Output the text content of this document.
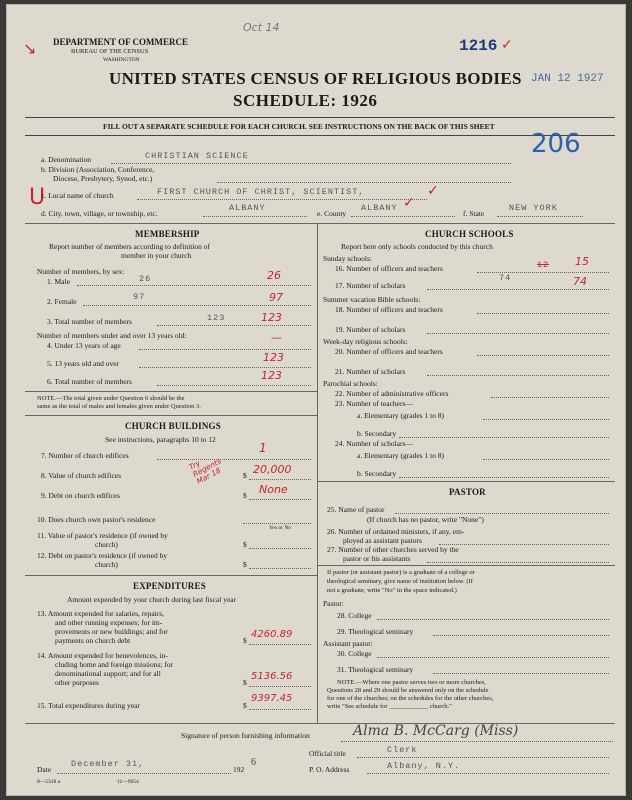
Oct 14
↘ DEPARTMENT OF COMMERCE
BUREAU OF THE CENSUS
WASHINGTON
1216 ✓
JAN 12 1927
UNITED STATES CENSUS OF RELIGIOUS BODIES
SCHEDULE: 1926
FILL OUT A SEPARATE SCHEDULE FOR EACH CHURCH. SEE INSTRUCTIONS ON THE BACK OF THIS SHEET
206
a. Denomination	CHRISTIAN SCIENCE
b. Division (Association, Conference,
Diocese, Presbytery, Synod, etc.)
U
c. Local name of church	FIRST CHURCH OF CHRIST, SCIENTIST,	✓
d. City, town, village, or township, etc.
ALBANY
e. County
ALBANY ✓
f. State
NEW YORK
MEMBERSHIP
Report number of members according to definition of
member in your church
Number of members, by sex:
1. Male	26	26
2. Female	97	97
3. Total number of members	123	123
Number of members under and over 13 years old:
4. Under 13 years of age
—
5. 13 years old and over	123
6. Total number of members	123
NOTE.—The total given under Question 6 should be the
same as the total of males and females given under Question 3.
CHURCH BUILDINGS
See instructions, paragraphs 10 to 12
7. Number of church edifices
1
8. Value of church edifices	$ 20,000
Try Regents Mar 18
9. Debt on church edifices	$ None
10. Does church own pastor's residence
Yes or No
11. Value of pastor's residence (if owned by
church)	$
12. Debt on pastor's residence (if owned by
church)	$
EXPENDITURES
Amount expended by your church during last fiscal year
13. Amount expended for salaries, repairs,
and other running expenses; for im-
provements or new buildings; and for
payments on church debt	$
4260.89
14. Amount expended for benevolences, in-
cluding home and foreign missions; for
denominational support; and for all
other purposes	$
5136.56
15. Total expenditures during year	$
9397.45
CHURCH SCHOOLS
Report here only schools conducted by this church
Sunday schools:
16. Number of officers and teachers	12 15
17. Number of scholars
74	74
Summer vacation Bible schools:
18. Number of officers and teachers
19. Number of scholars
Week-day religious schools:
20. Number of officers and teachers
21. Number of scholars
Parochial schools:
22. Number of administrative officers
23. Number of teachers—
a. Elementary (grades 1 to 8)
b. Secondary
24. Number of scholars—
a. Elementary (grades 1 to 8)
b. Secondary
PASTOR
25. Name of pastor
(If church has no pastor, write "None")
26. Number of ordained ministers, if any, em-
ployed as assistant pastors
27. Number of other churches served by the
pastor or his assistants
If pastor (or assistant pastor) is a graduate of a college or
theological seminary, give name of institution below. (If
not a graduate, write "No" in the space indicated.)
Pastor:
28. College
29. Theological seminary
Assistant pastor:
30. College
31. Theological seminary
NOTE.—Where one pastor serves two or more churches,
Questions 28 and 29 should be answered only on the schedule
for one of the churches; on the schedules for the other churches,
write "See schedule for ____________ church."
Signature of person furnishing information	Alma B. McCarg (Miss)
Official title	Clerk
Date
December 31,
192
6
P. O. Address	Albany, N.Y.
8—5318 a	11—9054
